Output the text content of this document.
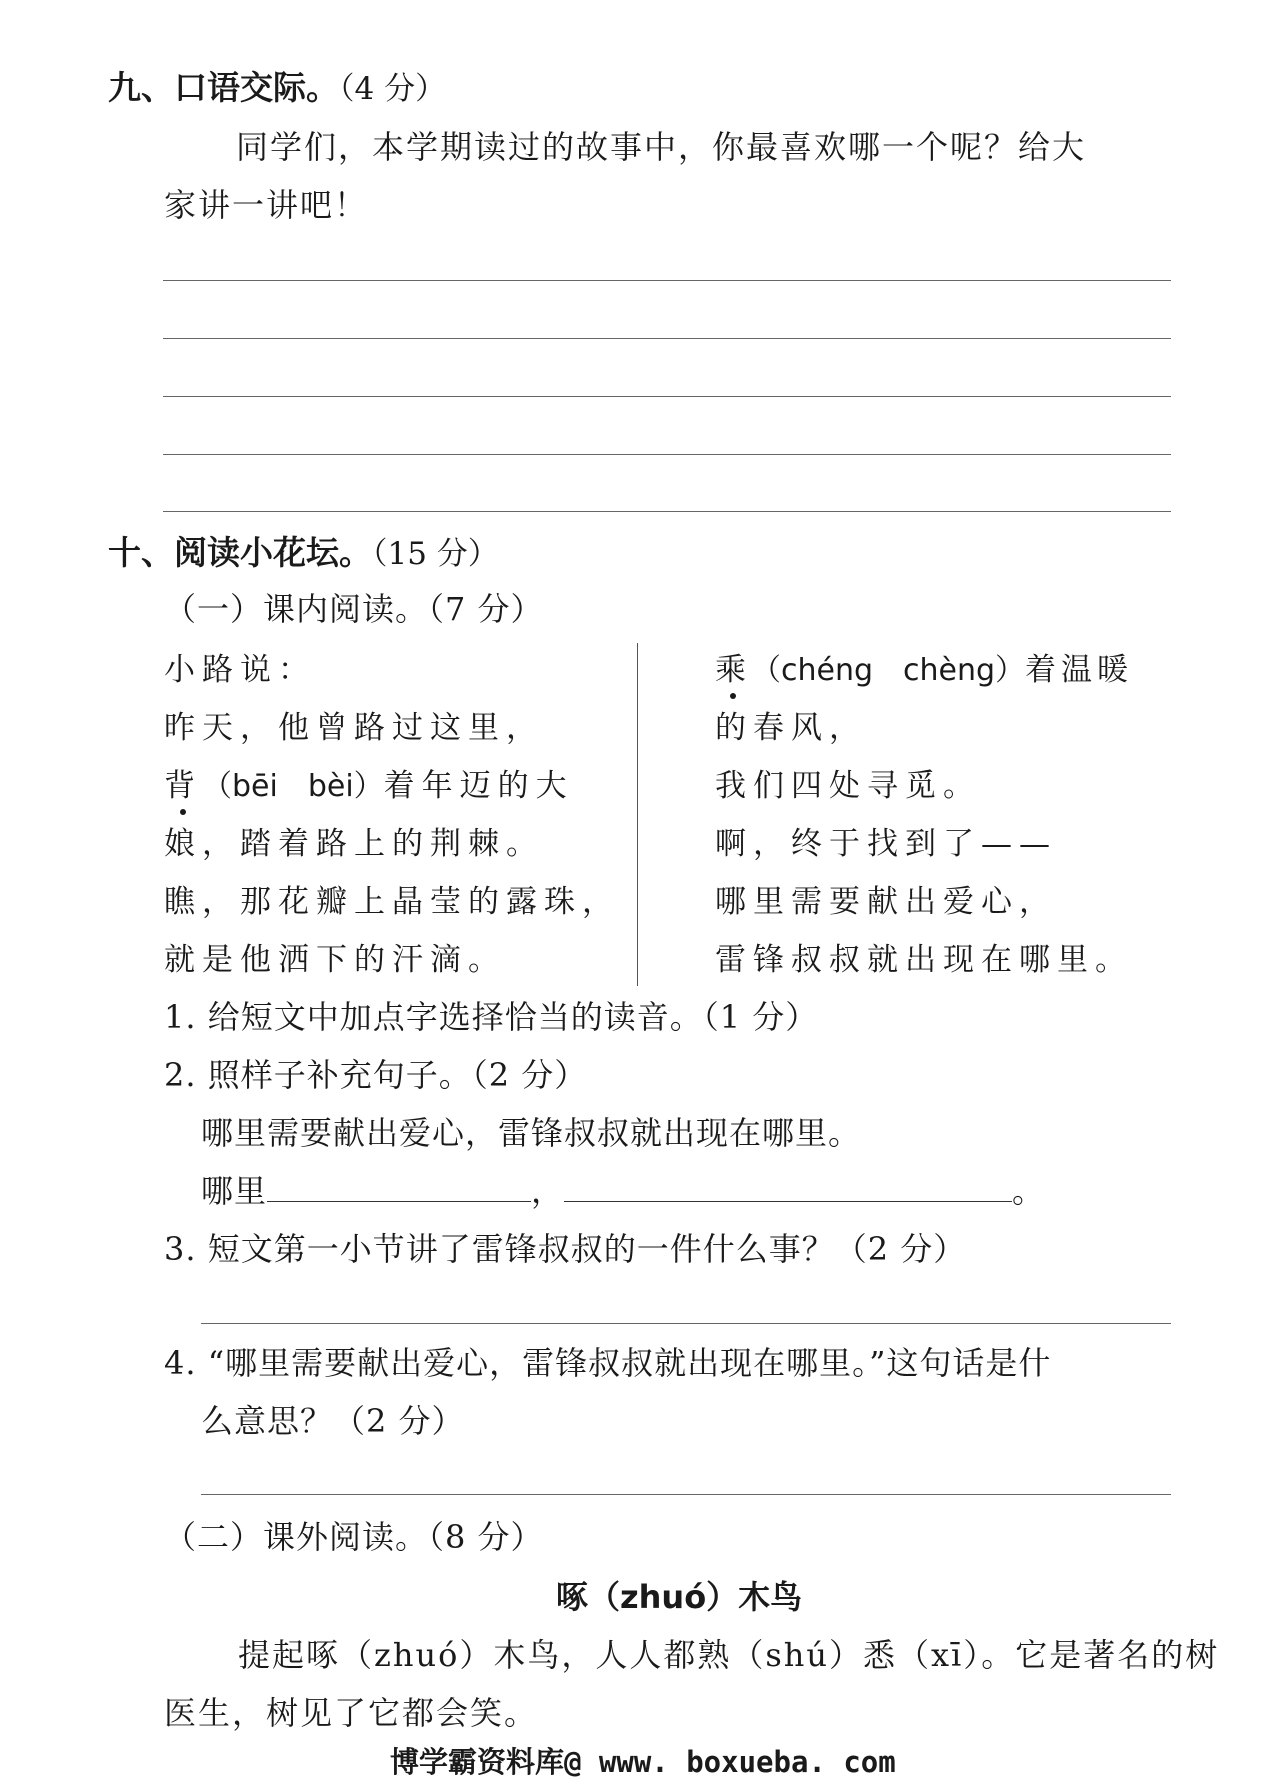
九、口语交际。（4 分）
同学们，本学期读过的故事中，你最喜欢哪一个呢？给大
家讲一讲吧！
十、阅读小花坛。（15 分）
（一）课内阅读。（7 分）
小路说：
昨天，他曾路过这里，
背（bēi　bèi）着年迈的大
娘，踏着路上的荆棘。
瞧，那花瓣上晶莹的露珠，
就是他洒下的汗滴。
乘（chéng　chèng）着温暖
的春风，
我们四处寻觅。
啊，终于找到了——
哪里需要献出爱心，
雷锋叔叔就出现在哪里。
1. 给短文中加点字选择恰当的读音。（1 分）
2. 照样子补充句子。（2 分）
哪里需要献出爱心，雷锋叔叔就出现在哪里。
哪里	，	。
3. 短文第一小节讲了雷锋叔叔的一件什么事？（2 分）
4. “哪里需要献出爱心，雷锋叔叔就出现在哪里。”这句话是什
么意思？（2 分）
（二）课外阅读。（8 分）
啄（zhuó）木鸟
提起啄（zhuó）木鸟，人人都熟（shú）悉（xī）。它是著名的树
医生，树见了它都会笑。
博学霸资料库@ www. boxueba. com
